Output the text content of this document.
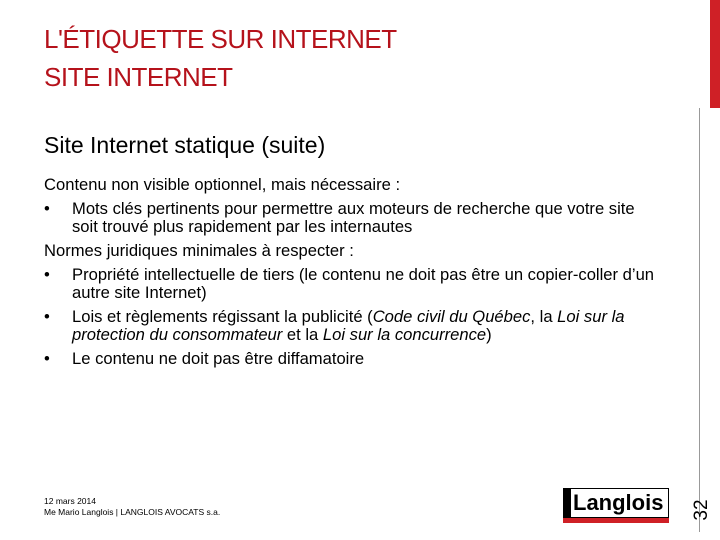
L'ÉTIQUETTE SUR INTERNET
SITE INTERNET
Site Internet statique (suite)

Contenu non visible optionnel, mais nécessaire :

• Mots clés pertinents pour permettre aux moteurs de recherche que votre site soit trouvé plus rapidement par les internautes

Normes juridiques minimales à respecter :

• Propriété intellectuelle de tiers (le contenu ne doit pas être un copier-coller d’un autre site Internet)

• Lois et règlements régissant la publicité (Code civil du Québec, la Loi sur la protection du consommateur et la Loi sur la concurrence)

• Le contenu ne doit pas être diffamatoire

12 mars 2014
Me Mario Langlois | LANGLOIS AVOCATS s.a.	Langlois 32
